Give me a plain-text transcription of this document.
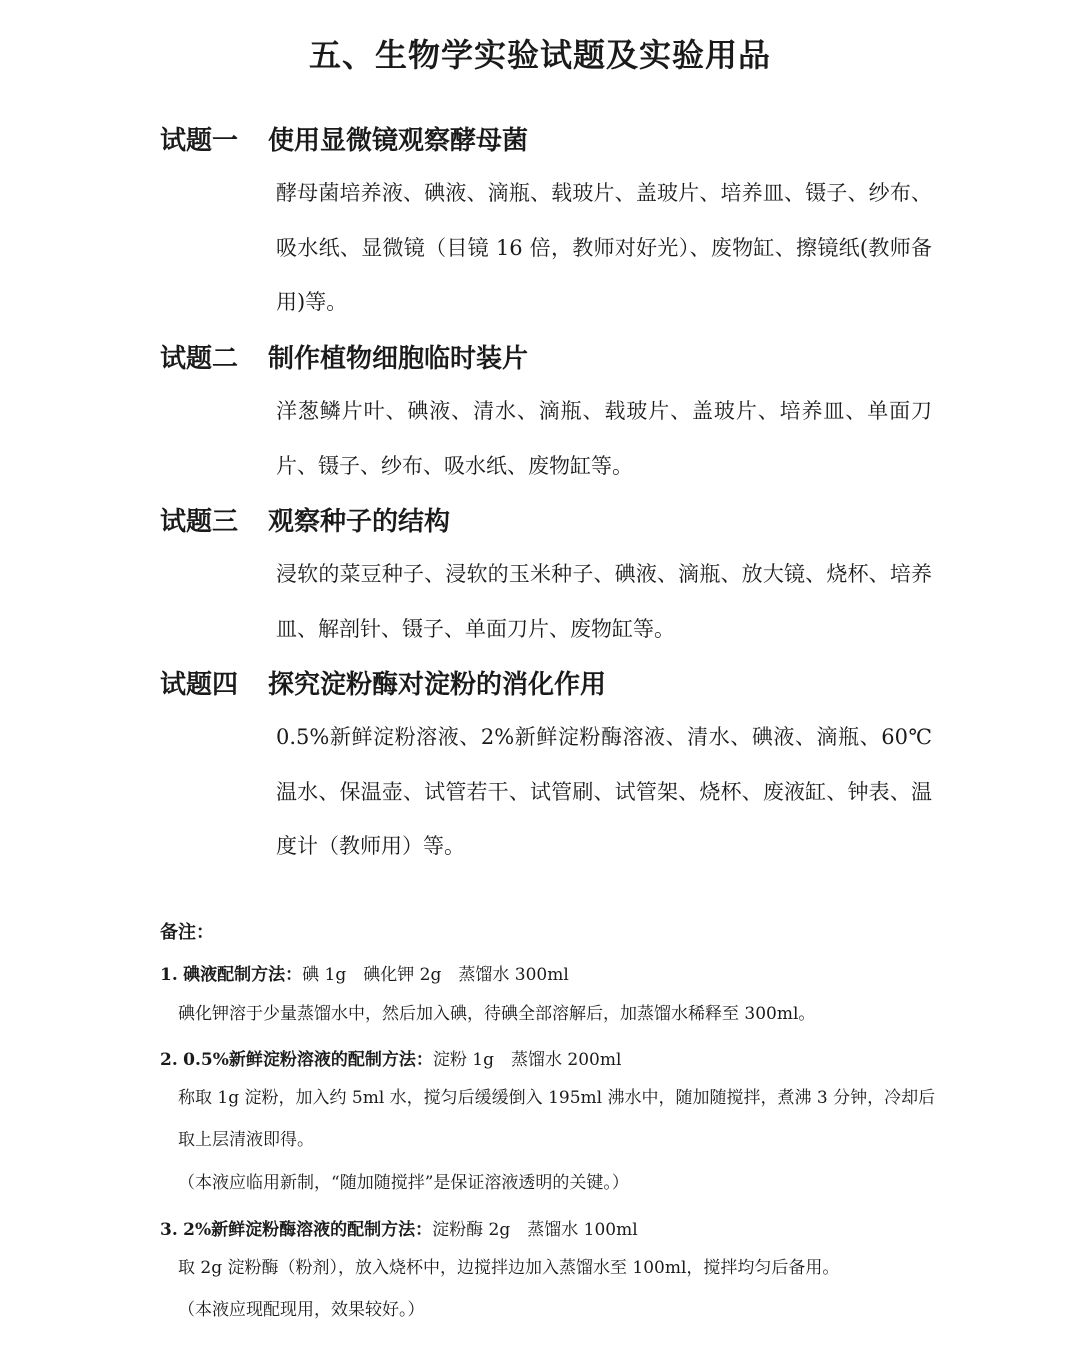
五、生物学实验试题及实验用品
试题一 使用显微镜观察酵母菌
酵母菌培养液、碘液、滴瓶、载玻片、盖玻片、培养皿、镊子、纱布、吸水纸、显微镜（目镜 16 倍，教师对好光）、废物缸、擦镜纸(教师备用)等。
试题二 制作植物细胞临时装片
洋葱鳞片叶、碘液、清水、滴瓶、载玻片、盖玻片、培养皿、单面刀片、镊子、纱布、吸水纸、废物缸等。
试题三 观察种子的结构
浸软的菜豆种子、浸软的玉米种子、碘液、滴瓶、放大镜、烧杯、培养皿、解剖针、镊子、单面刀片、废物缸等。
试题四 探究淀粉酶对淀粉的消化作用
0.5%新鲜淀粉溶液、2%新鲜淀粉酶溶液、清水、碘液、滴瓶、60℃温水、保温壶、试管若干、试管刷、试管架、烧杯、废液缸、钟表、温度计（教师用）等。
备注：
1. 碘液配制方法：碘 1g　碘化钾 2g　蒸馏水 300ml
碘化钾溶于少量蒸馏水中，然后加入碘，待碘全部溶解后，加蒸馏水稀释至 300ml。
2. 0.5%新鲜淀粉溶液的配制方法：淀粉 1g　蒸馏水 200ml
称取 1g 淀粉，加入约 5ml 水，搅匀后缓缓倒入 195ml 沸水中，随加随搅拌，煮沸 3 分钟，冷却后取上层清液即得。
（本液应临用新制，“随加随搅拌”是保证溶液透明的关键。）
3. 2%新鲜淀粉酶溶液的配制方法：淀粉酶 2g　蒸馏水 100ml
取 2g 淀粉酶（粉剂），放入烧杯中，边搅拌边加入蒸馏水至 100ml，搅拌均匀后备用。
（本液应现配现用，效果较好。）
